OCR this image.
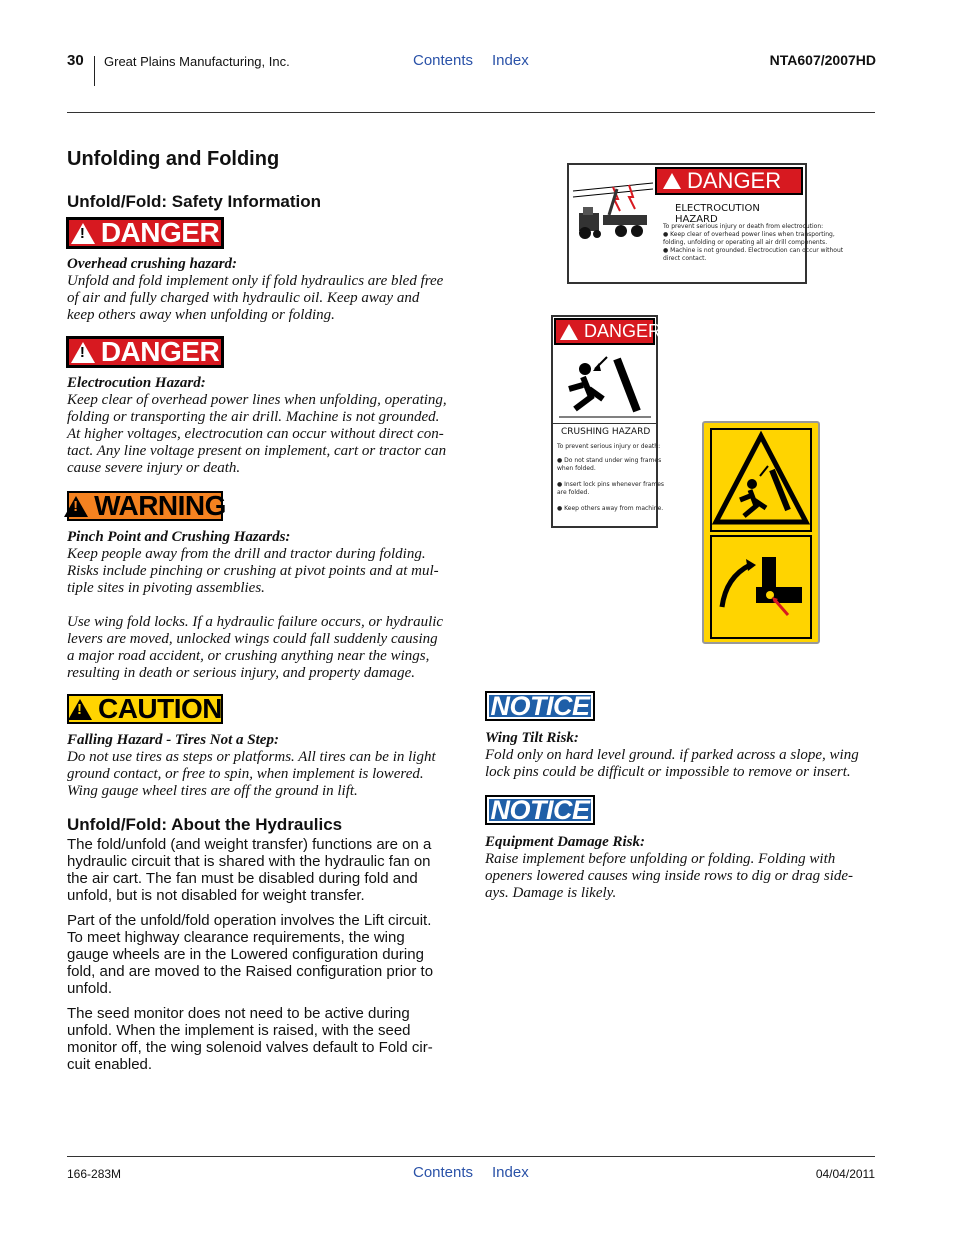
30 Great Plains Manufacturing, Inc.	Contents Index	NTA607/2007HD
Unfolding and Folding
Unfold/Fold: Safety Information
!
DANGER
Overhead crushing hazard:
Unfold and fold implement only if fold hydraulics are bled free
of air and fully charged with hydraulic oil. Keep away and
keep others away when unfolding or folding.
!
DANGER
Electrocution Hazard:
Keep clear of overhead power lines when unfolding, operating,
folding or transporting the air drill. Machine is not grounded.
At higher voltages, electrocution can occur without direct con-
tact. Any line voltage present on implement, cart or tractor can
cause severe injury or death.
!
WARNING
Pinch Point and Crushing Hazards:
Keep people away from the drill and tractor during folding.
Risks include pinching or crushing at pivot points and at mul-
tiple sites in pivoting assemblies.
Use wing fold locks. If a hydraulic failure occurs, or hydraulic
levers are moved, unlocked wings could fall suddenly causing
a major road accident, or crushing anything near the wings,
resulting in death or serious injury, and property damage.
!
CAUTION
Falling Hazard - Tires Not a Step:
Do not use tires as steps or platforms. All tires can be in light
ground contact, or free to spin, when implement is lowered.
Wing gauge wheel tires are off the ground in lift.
Unfold/Fold: About the Hydraulics
The fold/unfold (and weight transfer) functions are on a
hydraulic circuit that is shared with the hydraulic fan on
the air cart. The fan must be disabled during fold and
unfold, but is not disabled for weight transfer.
Part of the unfold/fold operation involves the Lift circuit.
To meet highway clearance requirements, the wing
gauge wheels are in the Lowered configuration during
fold, and are moved to the Raised configuration prior to
unfold.
The seed monitor does not need to be active during
unfold. When the implement is raised, with the seed
monitor off, the wing solenoid valves default to Fold cir-
cuit enabled.
DANGER
ELECTROCUTION HAZARD
To prevent serious injury or death from electrocution:
● Keep clear of overhead power lines when transporting,
folding, unfolding or operating all air drill components.
● Machine is not grounded. Electrocution can occur without
direct contact.
DANGER
CRUSHING HAZARD
To prevent serious injury or death:
● Do not stand under wing frames
when folded.
● Insert lock pins whenever frames
are folded.
● Keep others away from machine.
NOTICE
Wing Tilt Risk:
Fold only on hard level ground. if parked across a slope, wing
lock pins could be difficult or impossible to remove or insert.
NOTICE
Equipment Damage Risk:
Raise implement before unfolding or folding. Folding with
openers lowered causes wing inside rows to dig or drag side-
ays. Damage is likely.
166-283M	Contents Index	04/04/2011
